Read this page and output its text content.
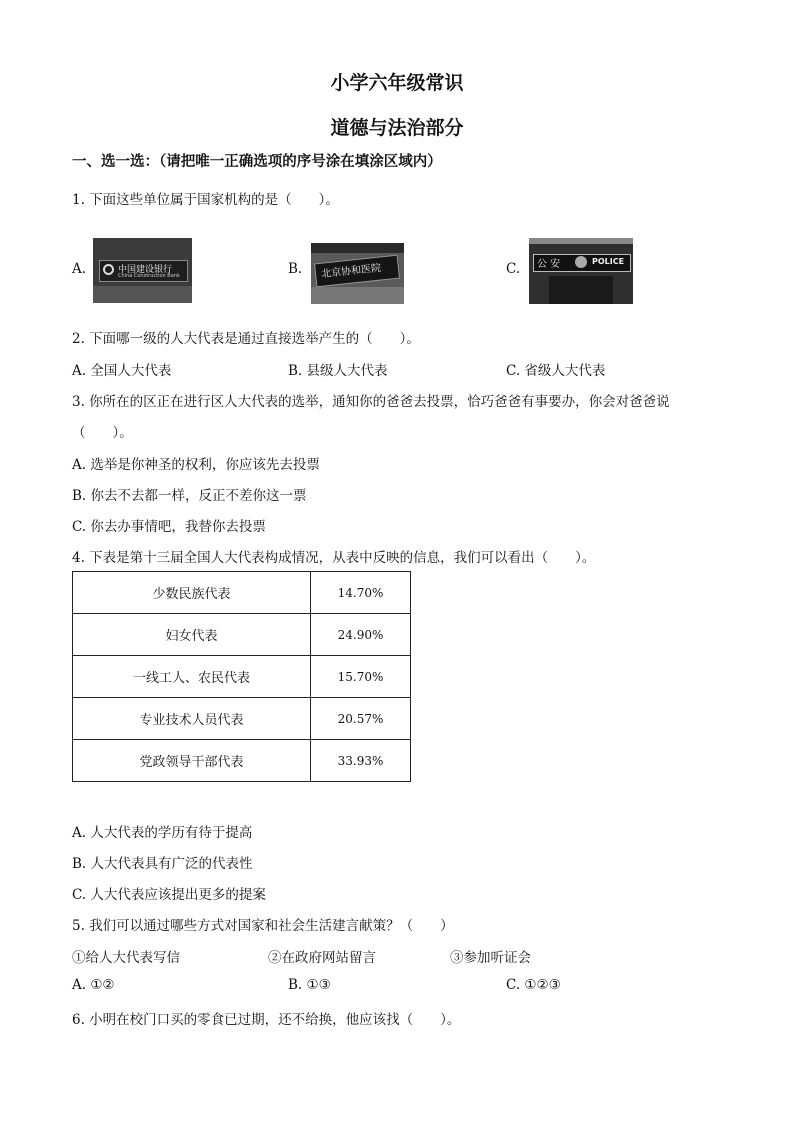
小学六年级常识
道德与法治部分
一、选一选：（请把唯一正确选项的序号涂在填涂区域内）
1. 下面这些单位属于国家机构的是（　　）。
A.	中国建设银行
China Construction Bank	B. 北京协和医院	C. 公 安	POLICE
2. 下面哪一级的人大代表是通过直接选举产生的（　　）。
A. 全国人大代表	B. 县级人大代表	C. 省级人大代表
3. 你所在的区正在进行区人大代表的选举，通知你的爸爸去投票，恰巧爸爸有事要办，你会对爸爸说
（　　）。
A. 选举是你神圣的权利，你应该先去投票
B. 你去不去都一样，反正不差你这一票
C. 你去办事情吧，我替你去投票
4. 下表是第十三届全国人大代表构成情况，从表中反映的信息，我们可以看出（　　）。
少数民族代表	14.70%
妇女代表	24.90%
一线工人、农民代表	15.70%
专业技术人员代表	20.57%
党政领导干部代表	33.93%
A. 人大代表的学历有待于提高
B. 人大代表具有广泛的代表性
C. 人大代表应该提出更多的提案
5. 我们可以通过哪些方式对国家和社会生活建言献策？（　　）
①给人大代表写信	②在政府网站留言	③参加听证会
A. ①②	B. ①③	C. ①②③
6. 小明在校门口买的零食已过期，还不给换，他应该找（　　）。
